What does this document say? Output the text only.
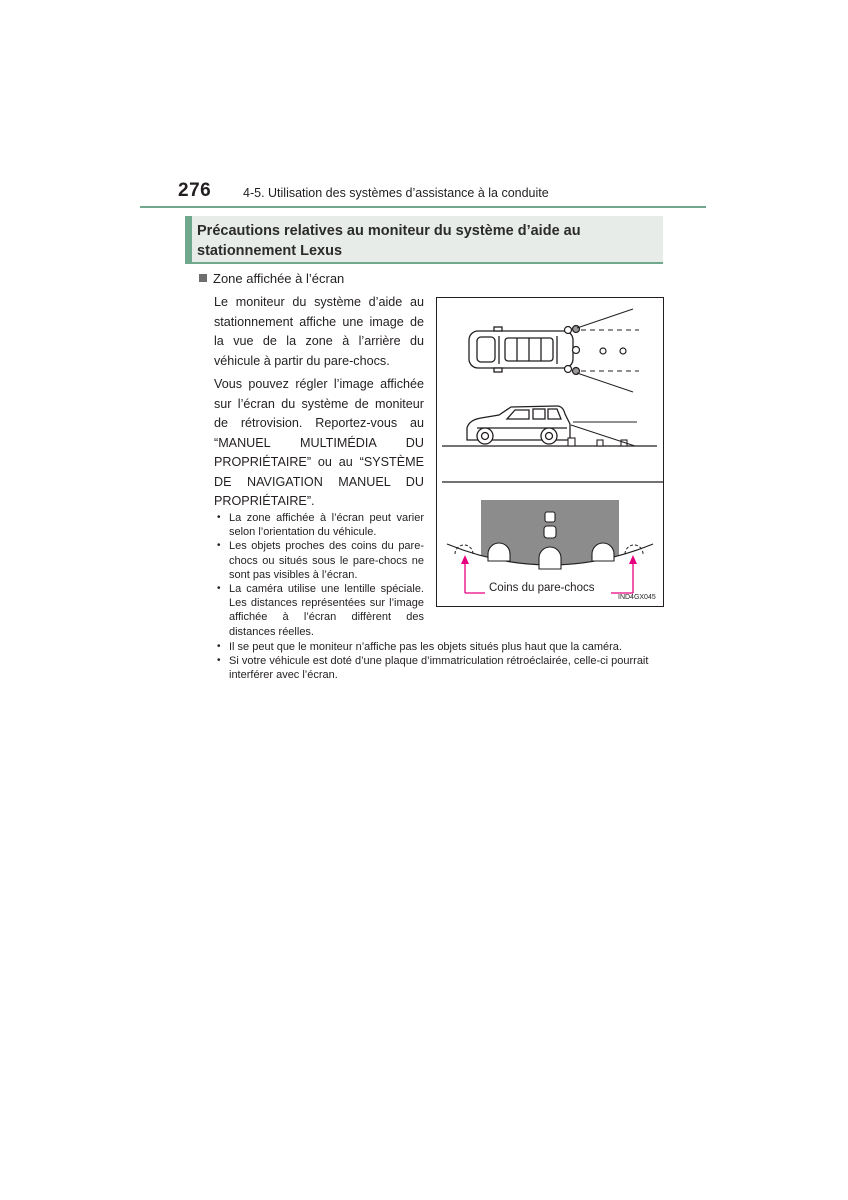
276	4-5. Utilisation des systèmes d’assistance à la conduite
Précautions relatives au moniteur du système d’aide au stationnement Lexus
Zone affichée à l’écran
Le moniteur du système d’aide au stationnement affiche une image de la vue de la zone à l’arrière du véhicule à partir du pare-chocs.
Vous pouvez régler l’image affichée sur l’écran du système de moniteur de rétrovision. Reportez-vous au “MANUEL MULTIMÉDIA DU PROPRIÉTAIRE” ou au “SYSTÈME DE NAVIGATION MANUEL DU PROPRIÉTAIRE”.
• La zone affichée à l’écran peut varier selon l’orientation du véhicule.
• Les objets proches des coins du pare-chocs ou situés sous le pare-chocs ne sont pas visibles à l’écran.
• La caméra utilise une lentille spéciale. Les distances représentées sur l’image affichée à l’écran diffèrent des distances réelles.
• Il se peut que le moniteur n’affiche pas les objets situés plus haut que la caméra.
• Si votre véhicule est doté d’une plaque d’immatriculation rétroéclairée, celle-ci pourrait interférer avec l’écran.
Coins du pare-chocs
IND4GX045
